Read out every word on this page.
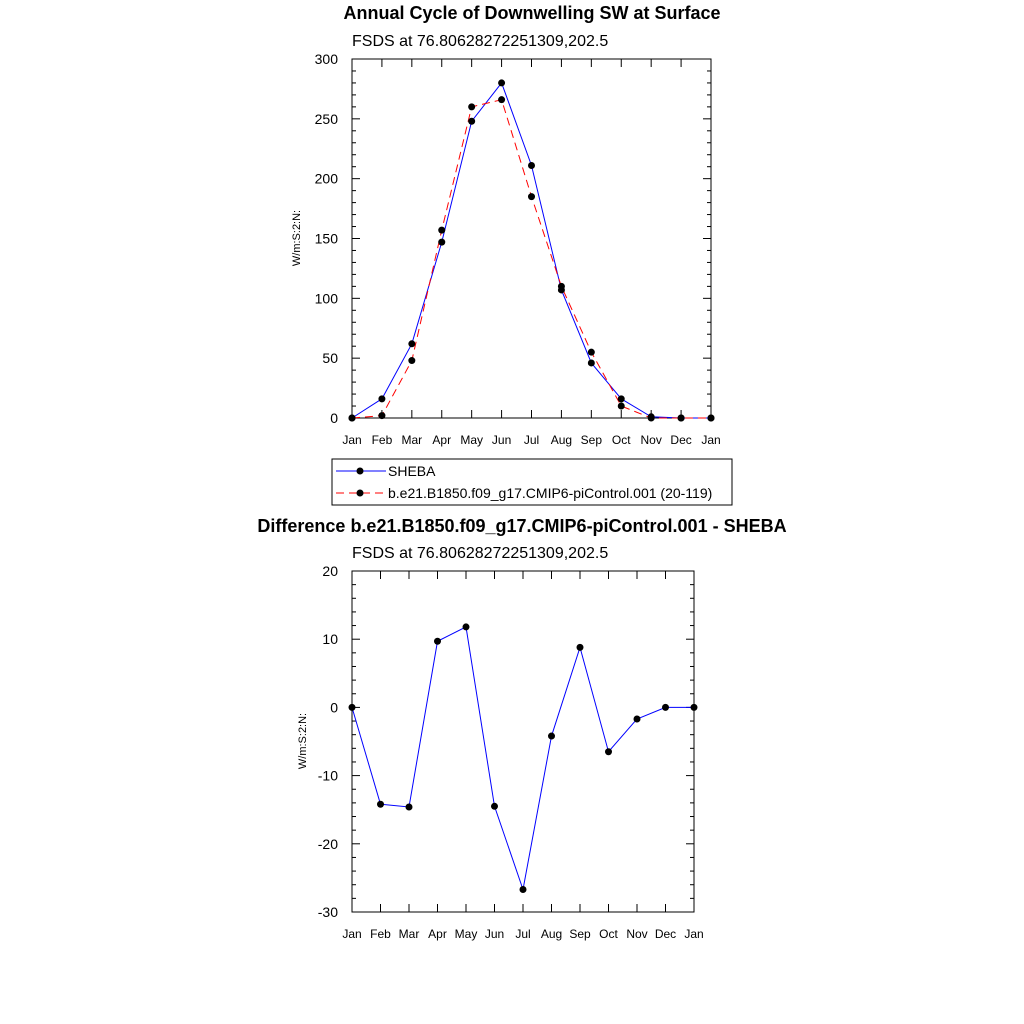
Annual Cycle of Downwelling SW at Surface
FSDS at 76.80628272251309,202.5
W/m:S:2:N:
Jan Feb Mar Apr May Jun Jul Aug Sep Oct Nov Dec Jan
0
50
100
150
200
250
300
SHEBA
b.e21.B1850.f09_g17.CMIP6-piControl.001 (20-119)
Difference b.e21.B1850.f09_g17.CMIP6-piControl.001 - SHEBA
FSDS at 76.80628272251309,202.5
W/m:S:2:N:
Jan Feb Mar Apr May Jun Jul Aug Sep Oct Nov Dec Jan
-30
-20
-10
0
10
20
